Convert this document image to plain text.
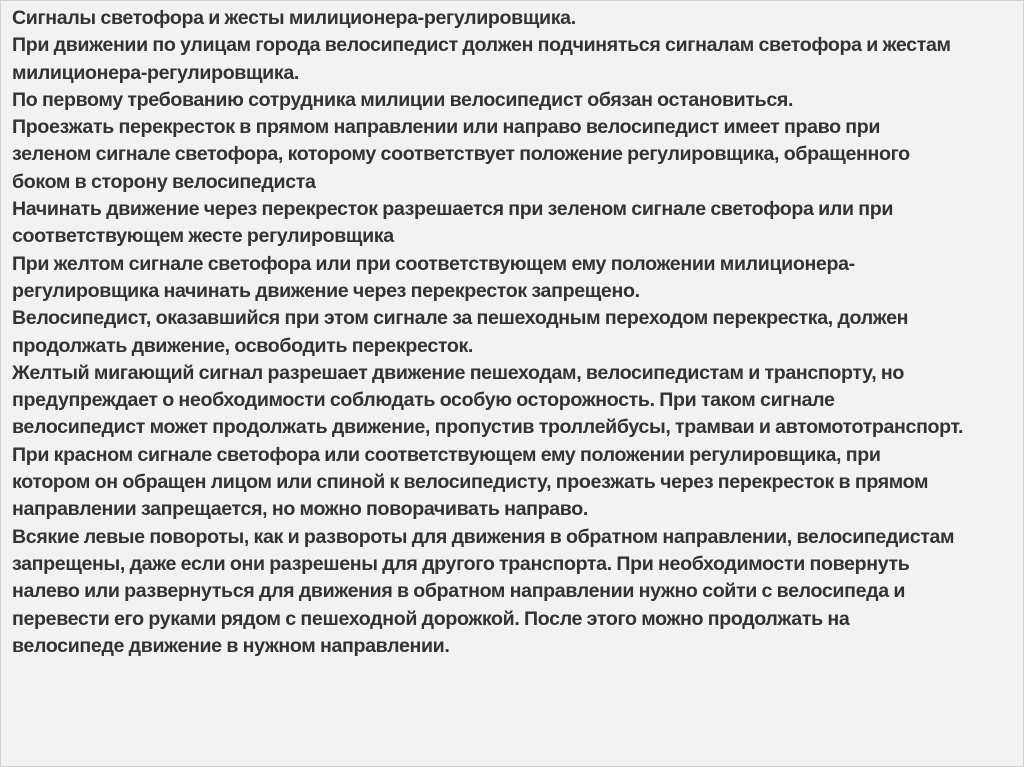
Сигналы светофора и жесты милиционера-регулировщика.
При движении по улицам города велосипедист должен подчиняться сигналам светофора и жестам
милиционера-регулировщика.
По первому требованию сотрудника милиции велосипедист обязан остановиться.
Проезжать перекресток в прямом направлении или направо велосипедист имеет право при
зеленом сигнале светофора, которому соответствует положение регулировщика, обращенного
боком в сторону велосипедиста
Начинать движение через перекресток разрешается при зеленом сигнале светофора или при
соответствующем жесте регулировщика
При желтом сигнале светофора или при соответствующем ему положении милиционера-
регулировщика начинать движение через перекресток запрещено.
Велосипедист, оказавшийся при этом сигнале за пешеходным переходом перекрестка, должен
продолжать движение, освободить перекресток.
Желтый мигающий сигнал разрешает движение пешеходам, велосипедистам и транспорту, но
предупреждает о необходимости соблюдать особую осторожность. При таком сигнале
велосипедист может продолжать движение, пропустив троллейбусы, трамваи и автомототранспорт.
При красном сигнале светофора или соответствующем ему положении регулировщика, при
котором он обращен лицом или спиной к велосипедисту, проезжать через перекресток в прямом
направлении запрещается, но можно поворачивать направо.
Всякие левые повороты, как и развороты для движения в обратном направлении, велосипедистам
запрещены, даже если они разрешены для другого транспорта. При необходимости повернуть
налево или развернуться для движения в обратном направлении нужно сойти с велосипеда и
перевести его руками рядом с пешеходной дорожкой. После этого можно продолжать на
велосипеде движение в нужном направлении.
